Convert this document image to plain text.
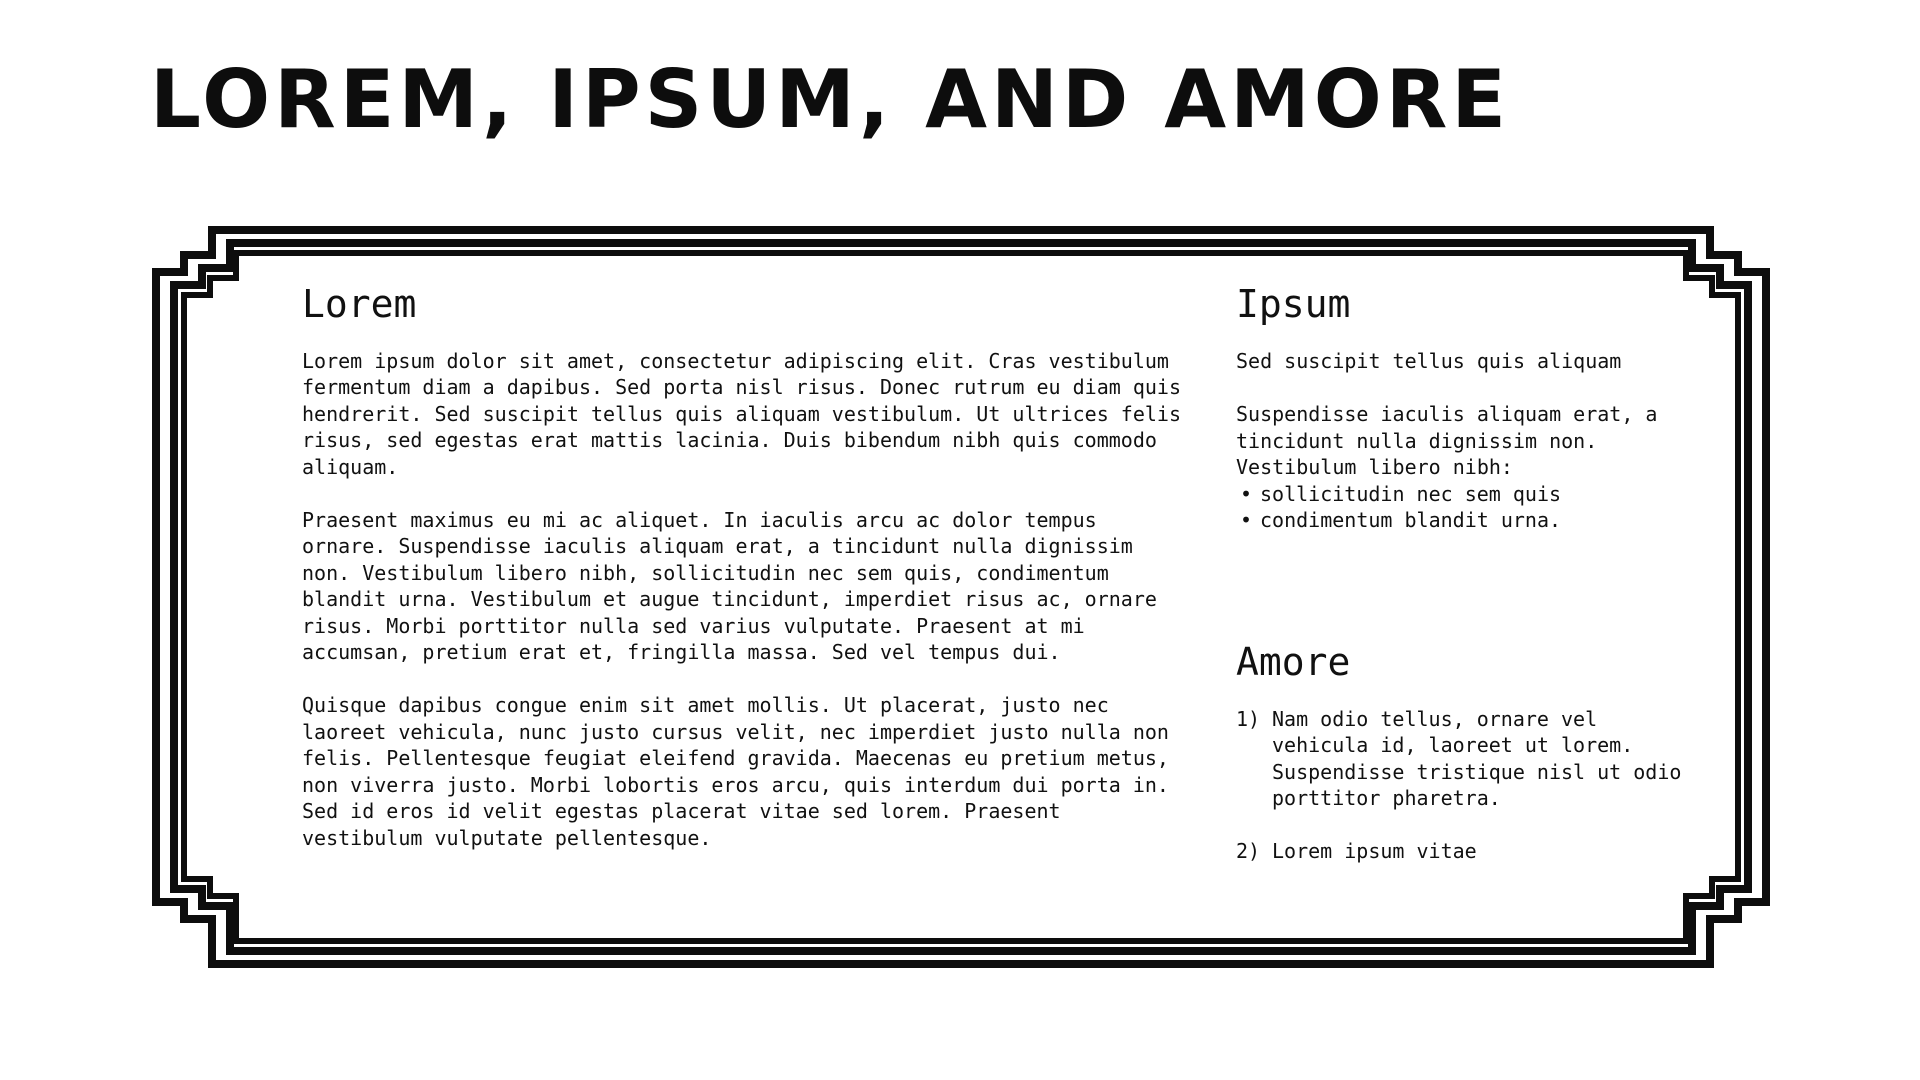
LOREM, IPSUM, AND AMORE
Lorem

Lorem ipsum dolor sit amet, consectetur adipiscing elit. Cras vestibulum fermentum diam a dapibus. Sed porta nisl risus. Donec rutrum eu diam quis hendrerit. Sed suscipit tellus quis aliquam vestibulum. Ut ultrices felis risus, sed egestas erat mattis lacinia. Duis bibendum nibh quis commodo aliquam.

Praesent maximus eu mi ac aliquet. In iaculis arcu ac dolor tempus ornare. Suspendisse iaculis aliquam erat, a tincidunt nulla dignissim non. Vestibulum libero nibh, sollicitudin nec sem quis, condimentum blandit urna. Vestibulum et augue tincidunt, imperdiet risus ac, ornare risus. Morbi porttitor nulla sed varius vulputate. Praesent at mi accumsan, pretium erat et, fringilla massa. Sed vel tempus dui.

Quisque dapibus congue enim sit amet mollis. Ut placerat, justo nec laoreet vehicula, nunc justo cursus velit, nec imperdiet justo nulla non felis. Pellentesque feugiat eleifend gravida. Maecenas eu pretium metus, non viverra justo. Morbi lobortis eros arcu, quis interdum dui porta in. Sed id eros id velit egestas placerat vitae sed lorem. Praesent vestibulum vulputate pellentesque.

Ipsum

Sed suscipit tellus quis aliquam

Suspendisse iaculis aliquam erat, a tincidunt nulla dignissim non. Vestibulum libero nibh:

• sollicitudin nec sem quis
• condimentum blandit urna.
Amore
1) Nam odio tellus, ornare vel vehicula id, laoreet ut lorem. Suspendisse tristique nisl ut odio porttitor pharetra.
2) Lorem ipsum vitae
